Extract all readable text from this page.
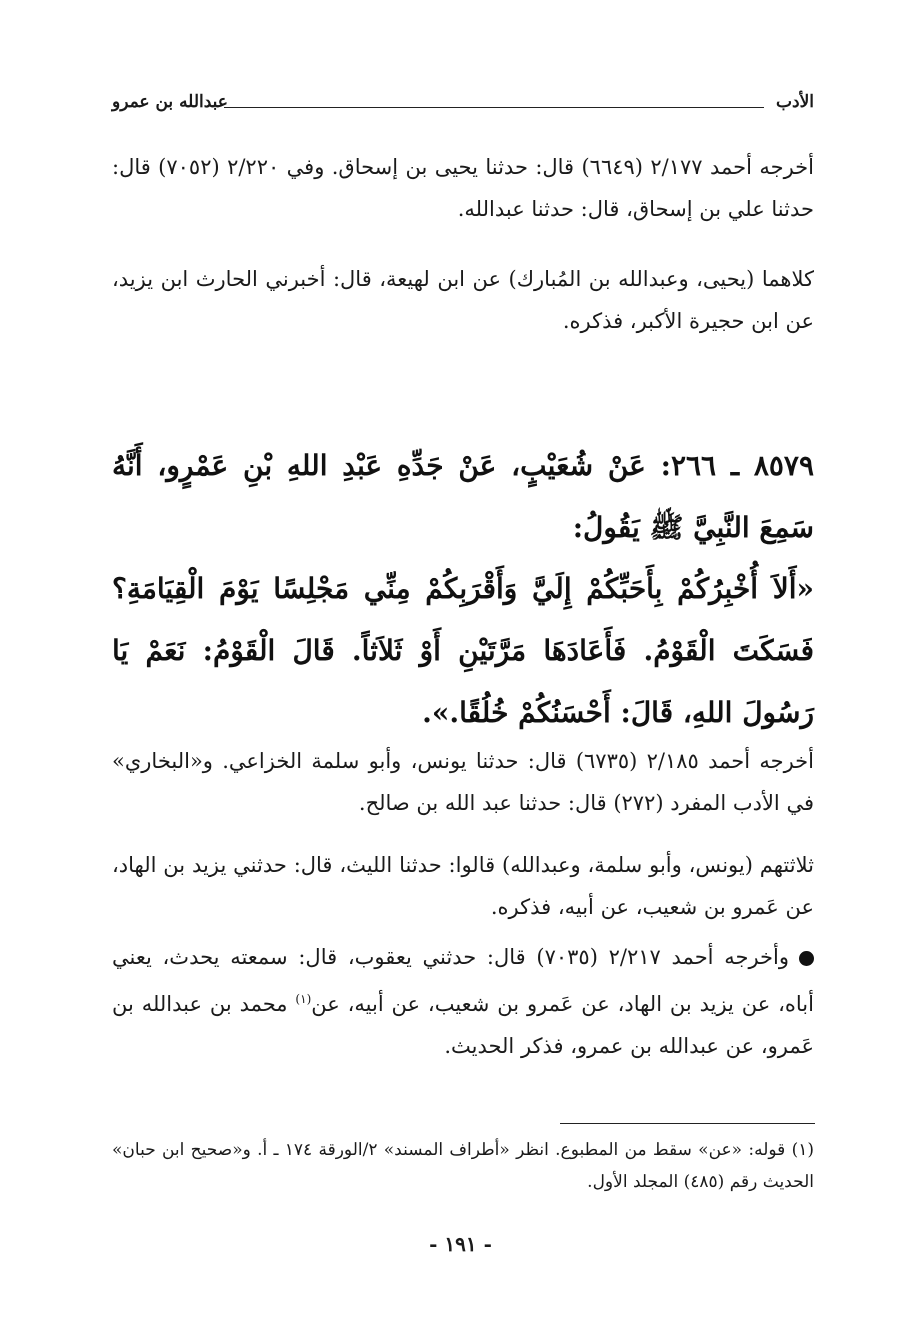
الأدب
عبدالله بن عمرو

أخرجه أحمد ٢/١٧٧ (٦٦٤٩) قال: حدثنا يحيى بن إسحاق. وفي ٢/٢٢٠ (٧٠٥٢) قال: حدثنا علي بن إسحاق، قال: حدثنا عبدالله.

كلاهما (يحيى، وعبدالله بن المُبارك) عن ابن لهيعة، قال: أخبرني الحارث ابن يزيد، عن ابن حجيرة الأكبر، فذكره.

٨٥٧٩ ـ ٢٦٦: عَنْ شُعَيْبٍ، عَنْ جَدِّهِ عَبْدِ اللهِ بْنِ عَمْرٍو، أَنَّهُ سَمِعَ النَّبِيَّ ﷺ يَقُولُ:

«أَلاَ أُخْبِرُكُمْ بِأَحَبِّكُمْ إِلَيَّ وَأَقْرَبِكُمْ مِنِّي مَجْلِسًا يَوْمَ الْقِيَامَةِ؟ فَسَكَتَ الْقَوْمُ. فَأَعَادَهَا مَرَّتَيْنِ أَوْ ثَلاَثاً. قَالَ الْقَوْمُ: نَعَمْ يَا رَسُولَ اللهِ، قَالَ: أَحْسَنُكُمْ خُلُقًا.».

أخرجه أحمد ٢/١٨٥ (٦٧٣٥) قال: حدثنا يونس، وأبو سلمة الخزاعي. و«البخاري» في الأدب المفرد (٢٧٢) قال: حدثنا عبد الله بن صالح.

ثلاثتهم (يونس، وأبو سلمة، وعبدالله) قالوا: حدثنا الليث، قال: حدثني يزيد بن الهاد، عن عَمرو بن شعيب، عن أبيه، فذكره.

وأخرجه أحمد ٢/٢١٧ (٧٠٣٥) قال: حدثني يعقوب، قال: سمعته يحدث، يعني أباه، عن يزيد بن الهاد، عن عَمرو بن شعيب، عن أبيه، عن$^{(١)}$ محمد بن عبدالله بن عَمرو، عن عبدالله بن عمرو، فذكر الحديث.

(١) قوله: «عن» سقط من المطبوع. انظر «أطراف المسند» ٢/الورقة ١٧٤ ـ أ. و«صحيح ابن حبان» الحديث رقم (٤٨٥) المجلد الأول.

- ١٩١ -
